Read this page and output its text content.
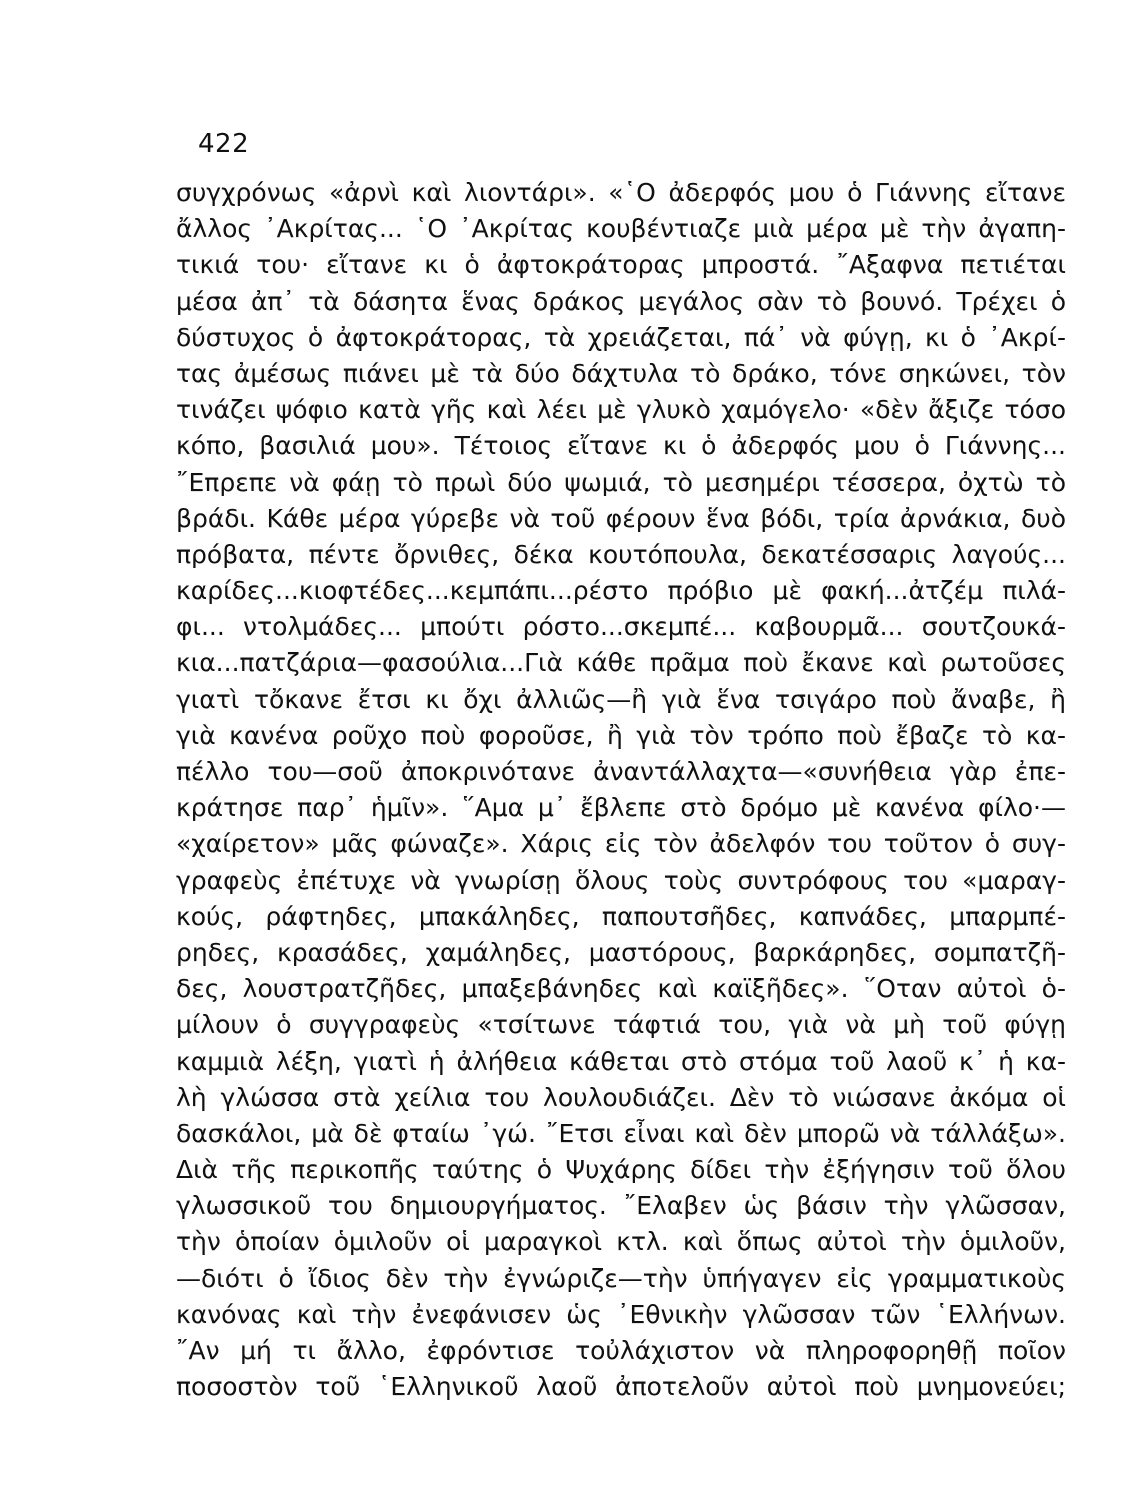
422
συγχρόνως «ἀρνὶ καὶ λιοντάρι». «῾Ο ἀδερφός μου ὁ Γιάννης εἴτανε
ἄλλος ᾿Ακρίτας... ῾Ο ᾿Ακρίτας κουβέντιαζε μιὰ μέρα μὲ τὴν ἀγαπη-
τικιά του· εἴτανε κι ὁ ἀφτοκράτορας μπροστά. ῎Αξαφνα πετιέται
μέσα ἀπ᾿ τὰ δάσητα ἕνας δράκος μεγάλος σὰν τὸ βουνό. Τρέχει ὁ
δύστυχος ὁ ἀφτοκράτορας, τὰ χρειάζεται, πά᾿ νὰ φύγῃ, κι ὁ ᾿Ακρί-
τας ἀμέσως πιάνει μὲ τὰ δύο δάχτυλα τὸ δράκο, τόνε σηκώνει, τὸν
τινάζει ψόφιο κατὰ γῆς καὶ λέει μὲ γλυκὸ χαμόγελο· «δὲν ἄξιζε τόσο
κόπο, βασιλιά μου». Τέτοιος εἴτανε κι ὁ ἀδερφός μου ὁ Γιάννης...
῎Επρεπε νὰ φάῃ τὸ πρωὶ δύο ψωμιά, τὸ μεσημέρι τέσσερα, ὀχτὼ τὸ
βράδι. Κάθε μέρα γύρεβε νὰ τοῦ φέρουν ἕνα βόδι, τρία ἀρνάκια, δυὸ
πρόβατα, πέντε ὄρνιθες, δέκα κουτόπουλα, δεκατέσσαρις λαγούς...
καρίδες...κιοφτέδες...κεμπάπι...ρέστο πρόβιο μὲ φακή...ἀτζέμ πιλά-
φι... ντολμάδες... μπούτι ρόστο...σκεμπέ... καβουρμᾶ... σουτζουκά-
κια...πατζάρια—φασούλια...Γιὰ κάθε πρᾶμα ποὺ ἔκανε καὶ ρωτοῦσες
γιατὶ τὄκανε ἔτσι κι ὄχι ἀλλιῶς—ἢ γιὰ ἕνα τσιγάρο ποὺ ἄναβε, ἢ
γιὰ κανένα ροῦχο ποὺ φοροῦσε, ἢ γιὰ τὸν τρόπο ποὺ ἔβαζε τὸ κα-
πέλλο του—σοῦ ἀποκρινότανε ἀναντάλλαχτα—«συνήθεια γὰρ ἐπε-
κράτησε παρ᾿ ἡμῖν». ῞Αμα μ᾿ ἔβλεπε στὸ δρόμο μὲ κανένα φίλο·—
«χαίρετον» μᾶς φώναζε». Χάρις εἰς τὸν ἀδελφόν του τοῦτον ὁ συγ-
γραφεὺς ἐπέτυχε νὰ γνωρίσῃ ὅλους τοὺς συντρόφους του «μαραγ-
κούς, ράφτηδες, μπακάληδες, παπουτσῆδες, καπνάδες, μπαρμπέ-
ρηδες, κρασάδες, χαμάληδες, μαστόρους, βαρκάρηδες, σομπατζῆ-
δες, λουστρατζῆδες, μπαξεβάνηδες καὶ καϊξῆδες». ῞Οταν αὐτοὶ ὁ-
μίλουν ὁ συγγραφεὺς «τσίτωνε τάφτιά του, γιὰ νὰ μὴ τοῦ φύγῃ
καμμιὰ λέξη, γιατὶ ἡ ἀλήθεια κάθεται στὸ στόμα τοῦ λαοῦ κ᾿ ἡ κα-
λὴ γλώσσα στὰ χείλια του λουλουδιάζει. Δὲν τὸ νιώσανε ἀκόμα οἱ
δασκάλοι, μὰ δὲ φταίω ᾿γώ. ῎Ετσι εἶναι καὶ δὲν μπορῶ νὰ τάλλάξω».
Διὰ τῆς περικοπῆς ταύτης ὁ Ψυχάρης δίδει τὴν ἐξήγησιν τοῦ ὅλου
γλωσσικοῦ του δημιουργήματος. ῎Ελαβεν ὡς βάσιν τὴν γλῶσσαν,
τὴν ὁποίαν ὁμιλοῦν οἱ μαραγκοὶ κτλ. καὶ ὅπως αὐτοὶ τὴν ὁμιλοῦν,
—διότι ὁ ἴδιος δὲν τὴν ἐγνώριζε—τὴν ὑπήγαγεν εἰς γραμματικοὺς
κανόνας καὶ τὴν ἐνεφάνισεν ὡς ᾿Εθνικὴν γλῶσσαν τῶν ῾Ελλήνων.
῎Αν μή τι ἄλλο, ἐφρόντισε τοὐλάχιστον νὰ πληροφορηθῇ ποῖον
ποσοστὸν τοῦ ῾Ελληνικοῦ λαοῦ ἀποτελοῦν αὐτοὶ ποὺ μνημονεύει;
